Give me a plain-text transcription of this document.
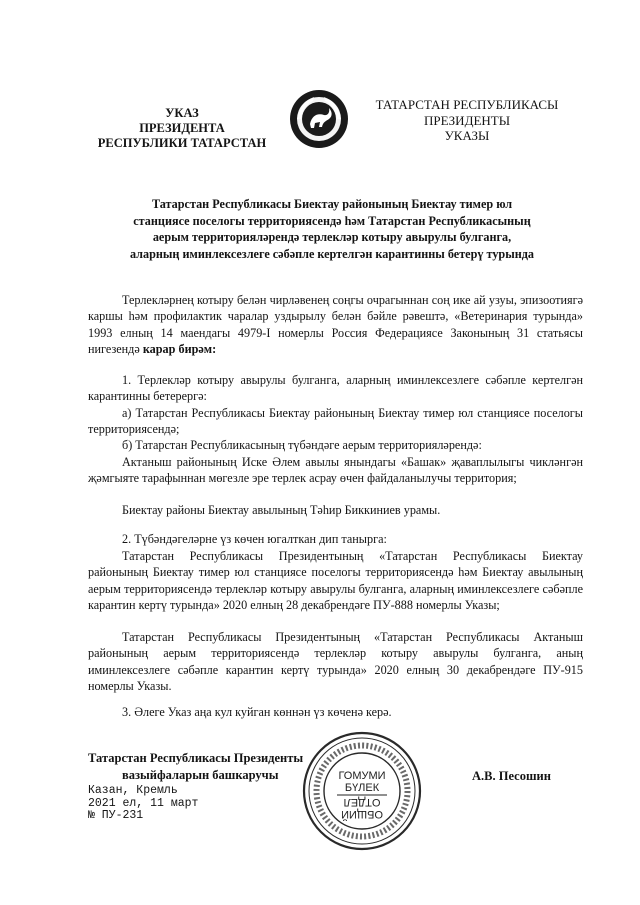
УКАЗ
ПРЕЗИДЕНТА
РЕСПУБЛИКИ ТАТАРСТАН
ТАТАРСТАН РЕСПУБЛИКАСЫ
ПРЕЗИДЕНТЫ
УКАЗЫ
Татарстан Республикасы Биектау районының Биектау тимер юл
станциясе поселогы территориясендә һәм Татарстан Республикасының
аерым территорияләрендә терлекләр котыру авырулы булганга,
аларның иминлексезлеге сәбәпле кертелгән карантинны бетерү турында
Терлекләрнең котыру белән чирләвенең соңгы очрагыннан соң ике ай узуы, эпизоотиягә каршы һәм профилактик чаралар уздырылу белән бәйле рәвештә, «Ветеринария турында» 1993 елның 14 маендагы 4979-I номерлы Россия Федерациясе Законының 31 статьясы нигезендә карар бирәм:
1. Терлекләр котыру авырулы булганга, аларның иминлексезлеге сәбәпле кертелгән карантинны бетерергә:
а) Татарстан Республикасы Биектау районының Биектау тимер юл станциясе поселогы территориясендә;
б) Татарстан Республикасының түбәндәге аерым территорияләрендә:
Актаныш районының Иске Әлем авылы янындагы «Башак» җаваплылыгы чикләнгән җәмгыяте тарафыннан мөгезле эре терлек асрау өчен файдаланылучы территория;
Биектау районы Биектау авылының Тәһир Биккиниев урамы.
2. Түбәндәгеләрне үз көчен югалткан дип танырга:
Татарстан Республикасы Президентының «Татарстан Республикасы Биектау районының Биектау тимер юл станциясе поселогы территориясендә һәм Биектау авылының аерым территориясендә терлекләр котыру авырулы булганга, аларның иминлексезлеге сәбәпле карантин кертү турында» 2020 елның 28 декабрендәге ПУ-888 номерлы Указы;
Татарстан Республикасы Президентының «Татарстан Республикасы Актаныш районының аерым территориясендә терлекләр котыру авырулы булганга, аның иминлексезлеге сәбәпле карантин кертү турында» 2020 елның 30 декабрендәге ПУ-915 номерлы Указы.
3. Әлеге Указ аңа кул куйган көннән үз көченә керә.
Татарстан Республикасы Президенты
вазыйфаларын башкаручы	А.В. Песошин
Казан, Кремль
2021 ел, 11 март
№ ПУ-231
ГОМУМИ
БҮЛЕК
ОТДЕЛ
ОБЩИЙ
